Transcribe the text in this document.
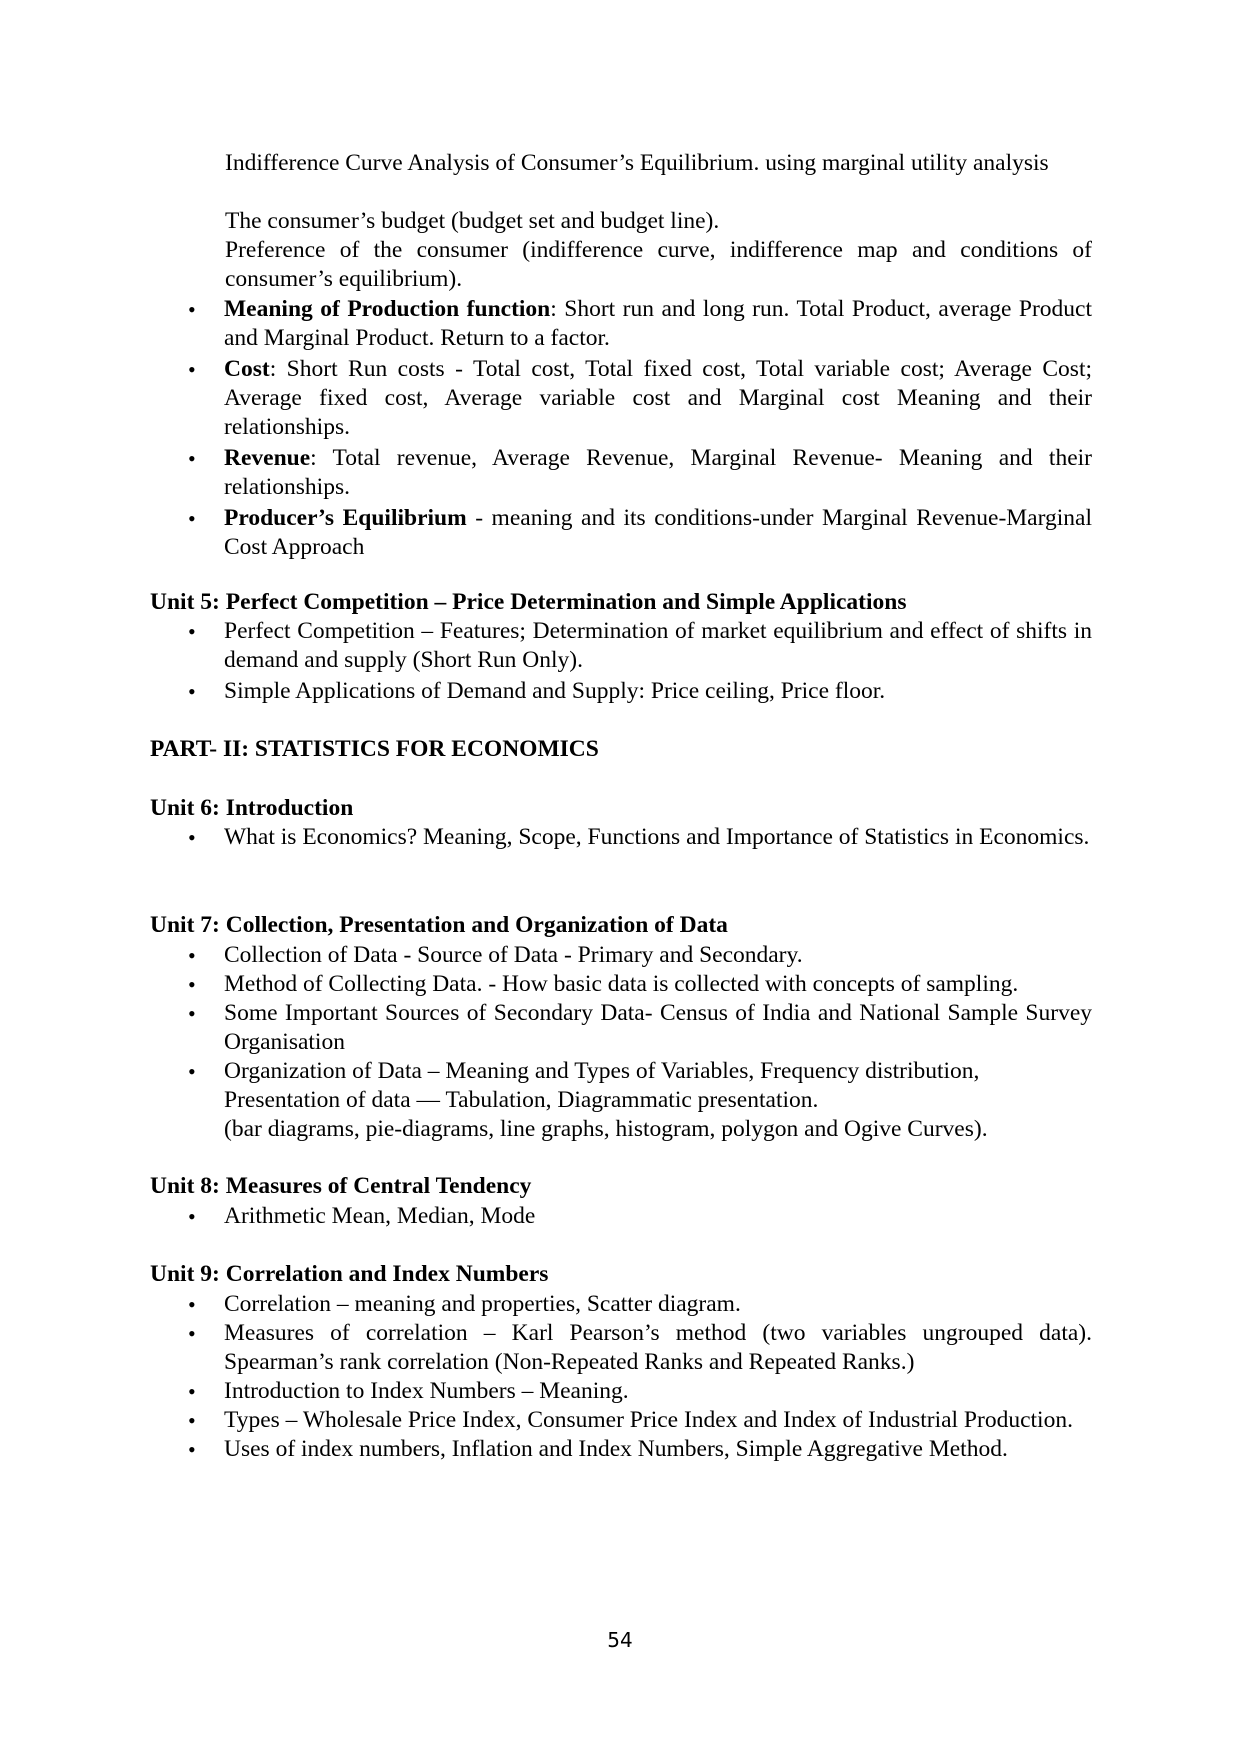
Indifference Curve Analysis of Consumer’s Equilibrium. using marginal utility analysis
The consumer’s budget (budget set and budget line).
Preference of the consumer (indifference curve, indifference map and conditions of consumer’s equilibrium).
• Meaning of Production function: Short run and long run. Total Product, average Product and Marginal Product. Return to a factor.
• Cost: Short Run costs - Total cost, Total fixed cost, Total variable cost; Average Cost; Average fixed cost, Average variable cost and Marginal cost Meaning and their relationships.
• Revenue: Total revenue, Average Revenue, Marginal Revenue- Meaning and their relationships.
• Producer’s Equilibrium - meaning and its conditions-under Marginal Revenue-Marginal Cost Approach
Unit 5: Perfect Competition – Price Determination and Simple Applications
• Perfect Competition – Features; Determination of market equilibrium and effect of shifts in demand and supply (Short Run Only).
• Simple Applications of Demand and Supply: Price ceiling, Price floor.
PART- II: STATISTICS FOR ECONOMICS
Unit 6: Introduction
• What is Economics? Meaning, Scope, Functions and Importance of Statistics in Economics.
Unit 7: Collection, Presentation and Organization of Data
• Collection of Data - Source of Data - Primary and Secondary.
• Method of Collecting Data. - How basic data is collected with concepts of sampling.
• Some Important Sources of Secondary Data- Census of India and National Sample Survey Organisation
• Organization of Data – Meaning and Types of Variables, Frequency distribution,
Presentation of data — Tabulation, Diagrammatic presentation.
(bar diagrams, pie-diagrams, line graphs, histogram, polygon and Ogive Curves).
Unit 8: Measures of Central Tendency
• Arithmetic Mean, Median, Mode
Unit 9: Correlation and Index Numbers
• Correlation – meaning and properties, Scatter diagram.
• Measures of correlation – Karl Pearson’s method (two variables ungrouped data). Spearman’s rank correlation (Non-Repeated Ranks and Repeated Ranks.)
• Introduction to Index Numbers – Meaning.
• Types – Wholesale Price Index, Consumer Price Index and Index of Industrial Production.
• Uses of index numbers, Inflation and Index Numbers, Simple Aggregative Method.
54
